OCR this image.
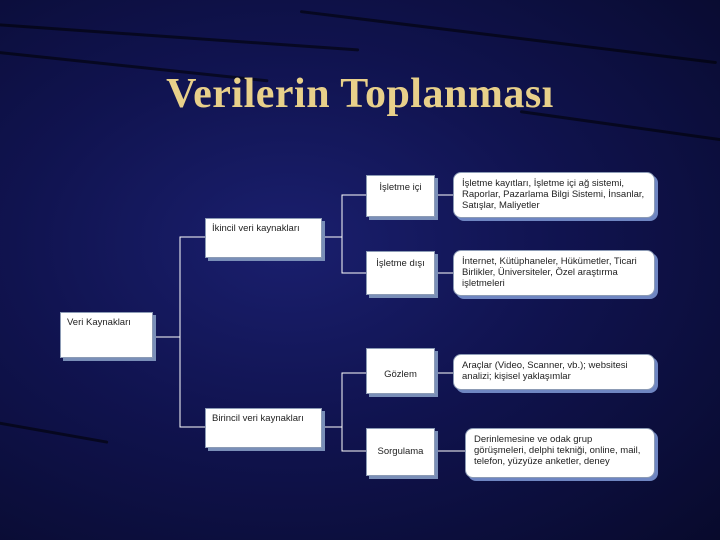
Verilerin Toplanması
Veri Kaynakları
İkincil veri kaynakları
Birincil veri kaynakları
İşletme içi
İşletme dışı
Gözlem
Sorgulama
İşletme kayıtları, İşletme içi ağ sistemi, Raporlar, Pazarlama Bilgi Sistemi, İnsanlar, Satışlar, Maliyetler
İnternet, Kütüphaneler, Hükümetler, Ticari Birlikler, Üniversiteler, Özel araştırma işletmeleri
Araçlar (Video, Scanner, vb.); websitesi analizi; kişisel yaklaşımlar
Derinlemesine ve odak grup görüşmeleri, delphi tekniği, online, mail, telefon, yüzyüze anketler, deney
